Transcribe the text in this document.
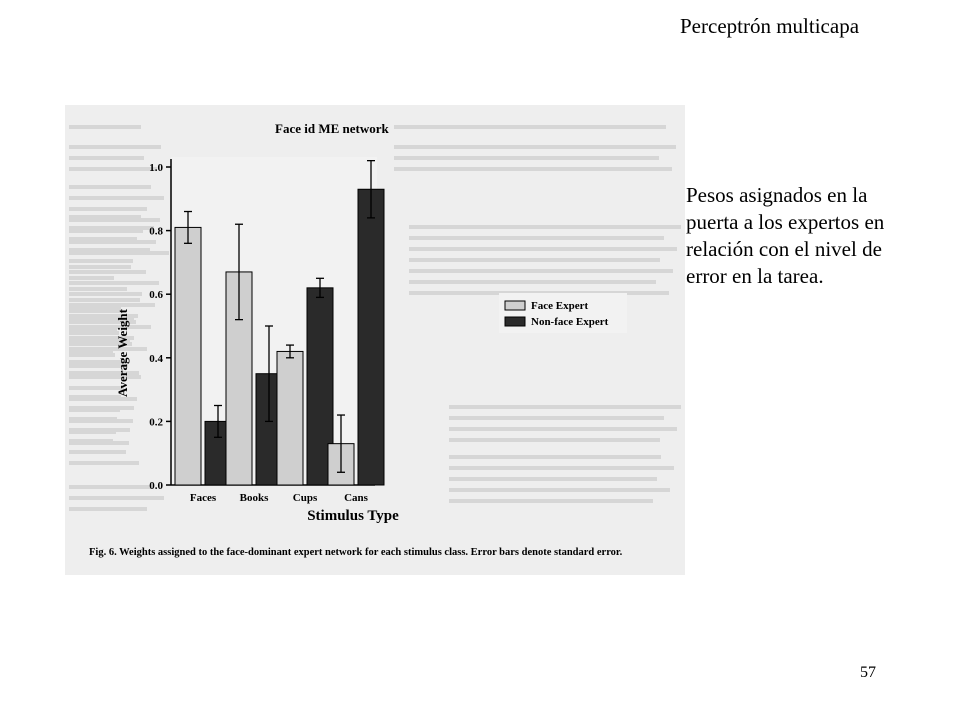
Perceptrón multicapa
Pesos asignados en la puerta a los expertos en relación con el nivel de error en la tarea.
57
Face id ME network
Average Weight
Stimulus Type
0.0
0.2
0.4
0.6
0.8
1.0
Faces Books Cups Cans
Face Expert
Non-face Expert
Fig. 6. Weights assigned to the face-dominant expert network for each stimulus class. Error bars denote standard error.
